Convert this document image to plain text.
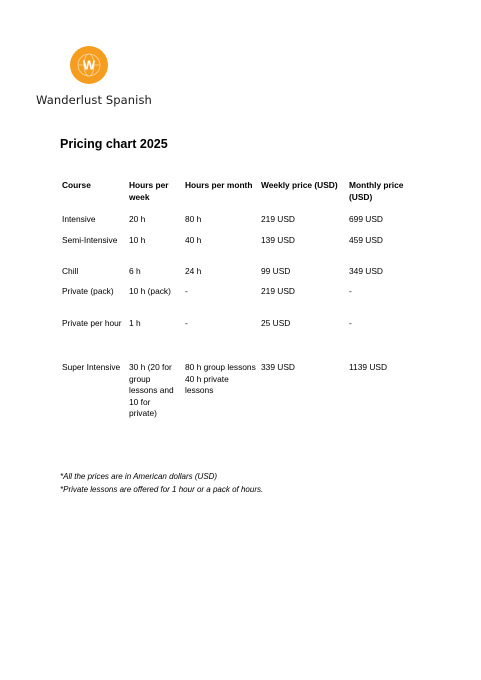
W
Wanderlust Spanish
Pricing chart 2025
Course	Hours per week	Hours per month	Weekly price (USD)	Monthly price (USD)
Intensive	20 h	80 h	219 USD	699 USD
Semi-Intensive	10 h	40 h	139 USD	459 USD
Chill	6 h	24 h	99 USD	349 USD
Private (pack)	10 h (pack)	-	219 USD	-
Private per hour	1 h	-	25 USD	-
Super Intensive	30 h (20 for group lessons and 10 for private)	80 h group lessons 40 h private lessons	339 USD	1139 USD
*All the prices are in American dollars (USD)
*Private lessons are offered for 1 hour or a pack of hours.
